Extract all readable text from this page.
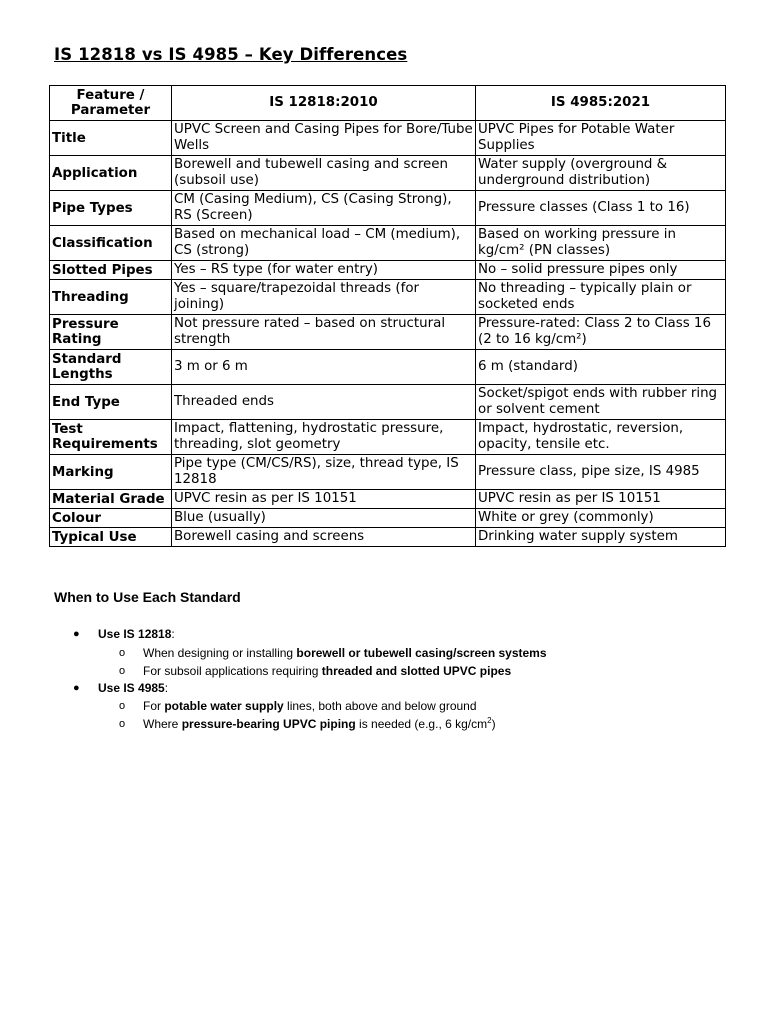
IS 12818 vs IS 4985 – Key Differences
Feature /
Parameter	IS 12818:2010	IS 4985:2021
Title	UPVC Screen and Casing Pipes for Bore/Tube Wells	UPVC Pipes for Potable Water Supplies
Application	Borewell and tubewell casing and screen (subsoil use)	Water supply (overground & underground distribution)
Pipe Types	CM (Casing Medium), CS (Casing Strong), RS (Screen)	Pressure classes (Class 1 to 16)
Classification	Based on mechanical load – CM (medium), CS (strong)	Based on working pressure in kg/cm² (PN classes)
Slotted Pipes	Yes – RS type (for water entry)	No – solid pressure pipes only
Threading	Yes – square/trapezoidal threads (for joining)	No threading – typically plain or socketed ends
Pressure Rating	Not pressure rated – based on structural strength	Pressure-rated: Class 2 to Class 16 (2 to 16 kg/cm²)
Standard Lengths	3 m or 6 m	6 m (standard)
End Type	Threaded ends	Socket/spigot ends with rubber ring or solvent cement
Test Requirements	Impact, flattening, hydrostatic pressure, threading, slot geometry	Impact, hydrostatic, reversion, opacity, tensile etc.
Marking	Pipe type (CM/CS/RS), size, thread type, IS 12818	Pressure class, pipe size, IS 4985
Material Grade	UPVC resin as per IS 10151	UPVC resin as per IS 10151
Colour	Blue (usually)	White or grey (commonly)
Typical Use	Borewell casing and screens	Drinking water supply system
When to Use Each Standard
● Use IS 12818:
o When designing or installing borewell or tubewell casing/screen systems
o For subsoil applications requiring threaded and slotted UPVC pipes
● Use IS 4985:
o For potable water supply lines, both above and below ground
o Where pressure-bearing UPVC piping is needed (e.g., 6 $kg/cm^2$)
